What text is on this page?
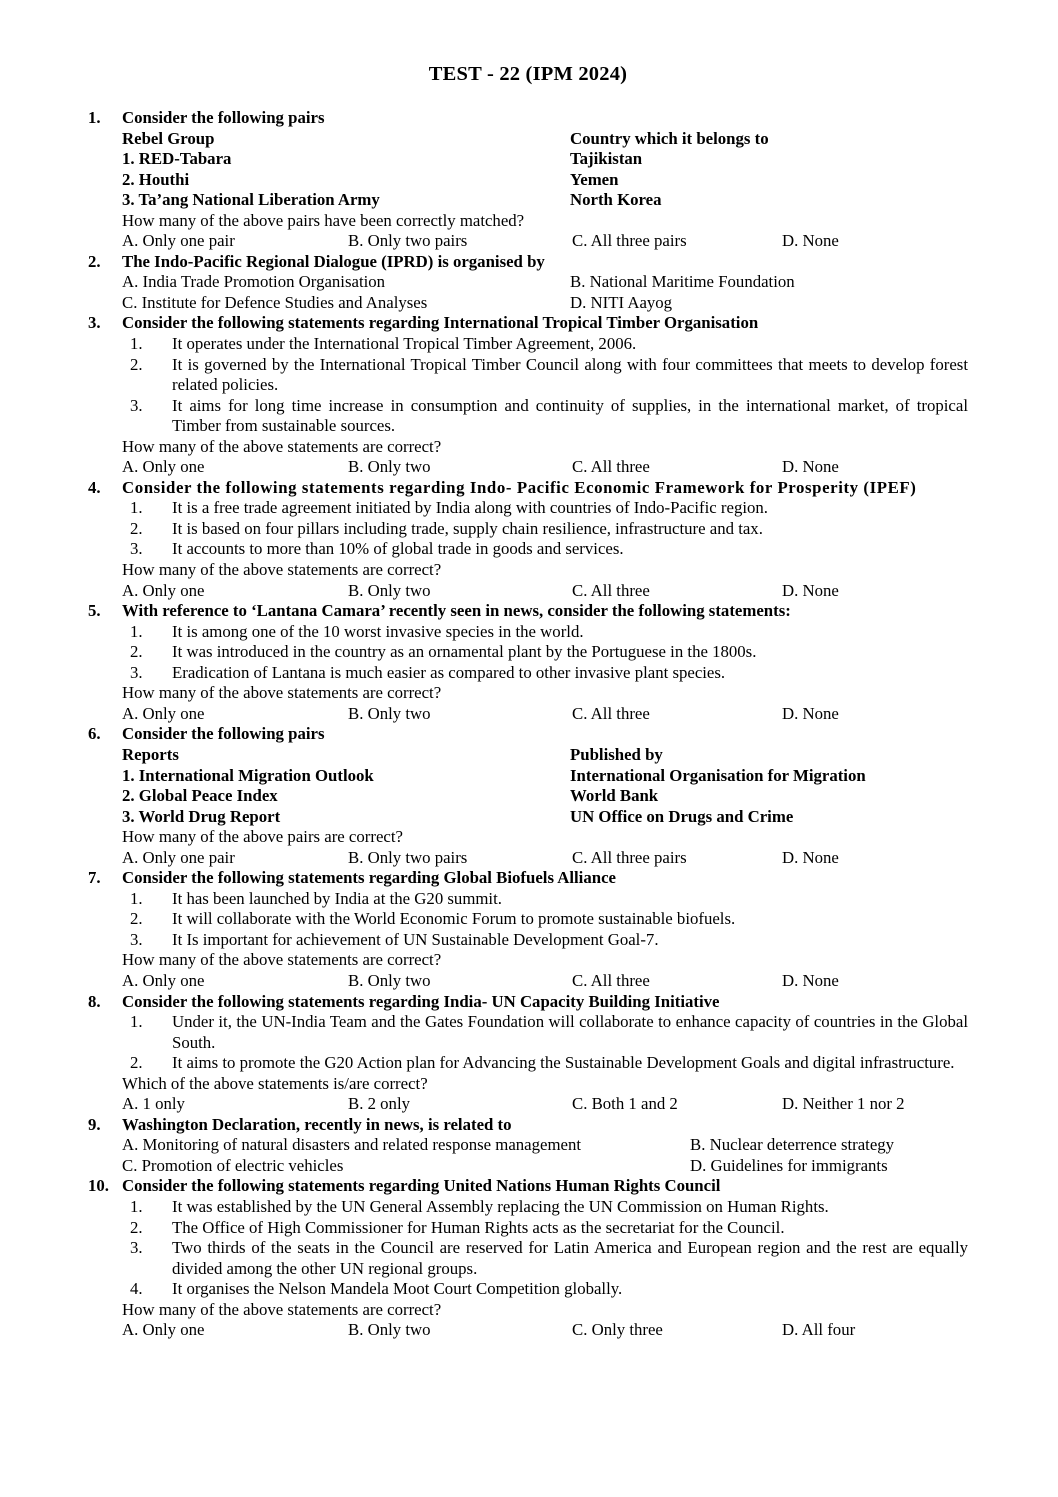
TEST - 22 (IPM 2024)
1.	Consider the following pairs
Rebel Group	Country which it belongs to
1. RED-Tabara	Tajikistan
2. Houthi	Yemen
3. Ta’ang National Liberation Army	North Korea
How many of the above pairs have been correctly matched?
A. Only one pair	B. Only two pairs	C. All three pairs	D. None
2.	The Indo-Pacific Regional Dialogue (IPRD) is organised by
A. India Trade Promotion Organisation	B. National Maritime Foundation
C. Institute for Defence Studies and Analyses	D. NITI Aayog
3.	Consider the following statements regarding International Tropical Timber Organisation
1.	It operates under the International Tropical Timber Agreement, 2006.
2.	It is governed by the International Tropical Timber Council along with four committees that meets to develop forest related policies.
3.	It aims for long time increase in consumption and continuity of supplies, in the international market, of tropical Timber from sustainable sources.
How many of the above statements are correct?
A. Only one	B. Only two	C. All three	D. None
4.	Consider the following statements regarding Indo- Pacific Economic Framework for Prosperity (IPEF)
1.	It is a free trade agreement initiated by India along with countries of Indo-Pacific region.
2.	It is based on four pillars including trade, supply chain resilience, infrastructure and tax.
3.	It accounts to more than 10% of global trade in goods and services.
How many of the above statements are correct?
A. Only one	B. Only two	C. All three	D. None
5.	With reference to ‘Lantana Camara’ recently seen in news, consider the following statements:
1.	It is among one of the 10 worst invasive species in the world.
2.	It was introduced in the country as an ornamental plant by the Portuguese in the 1800s.
3.	Eradication of Lantana is much easier as compared to other invasive plant species.
How many of the above statements are correct?
A. Only one	B. Only two	C. All three	D. None
6.	Consider the following pairs
Reports	Published by
1. International Migration Outlook	International Organisation for Migration
2. Global Peace Index	World Bank
3. World Drug Report	UN Office on Drugs and Crime
How many of the above pairs are correct?
A. Only one pair	B. Only two pairs	C. All three pairs	D. None
7.	Consider the following statements regarding Global Biofuels Alliance
1.	It has been launched by India at the G20 summit.
2.	It will collaborate with the World Economic Forum to promote sustainable biofuels.
3.	It Is important for achievement of UN Sustainable Development Goal-7.
How many of the above statements are correct?
A. Only one	B. Only two	C. All three	D. None
8.	Consider the following statements regarding India- UN Capacity Building Initiative
1.	Under it, the UN-India Team and the Gates Foundation will collaborate to enhance capacity of countries in the Global South.
2.	It aims to promote the G20 Action plan for Advancing the Sustainable Development Goals and digital infrastructure.
Which of the above statements is/are correct?
A. 1 only	B. 2 only	C. Both 1 and 2	D. Neither 1 nor 2
9.	Washington Declaration, recently in news, is related to
A. Monitoring of natural disasters and related response management	B. Nuclear deterrence strategy
C. Promotion of electric vehicles	D. Guidelines for immigrants
10. Consider the following statements regarding United Nations Human Rights Council
1.	It was established by the UN General Assembly replacing the UN Commission on Human Rights.
2.	The Office of High Commissioner for Human Rights acts as the secretariat for the Council.
3.	Two thirds of the seats in the Council are reserved for Latin America and European region and the rest are equally divided among the other UN regional groups.
4.	It organises the Nelson Mandela Moot Court Competition globally.
How many of the above statements are correct?
A. Only one	B. Only two	C. Only three	D. All four
